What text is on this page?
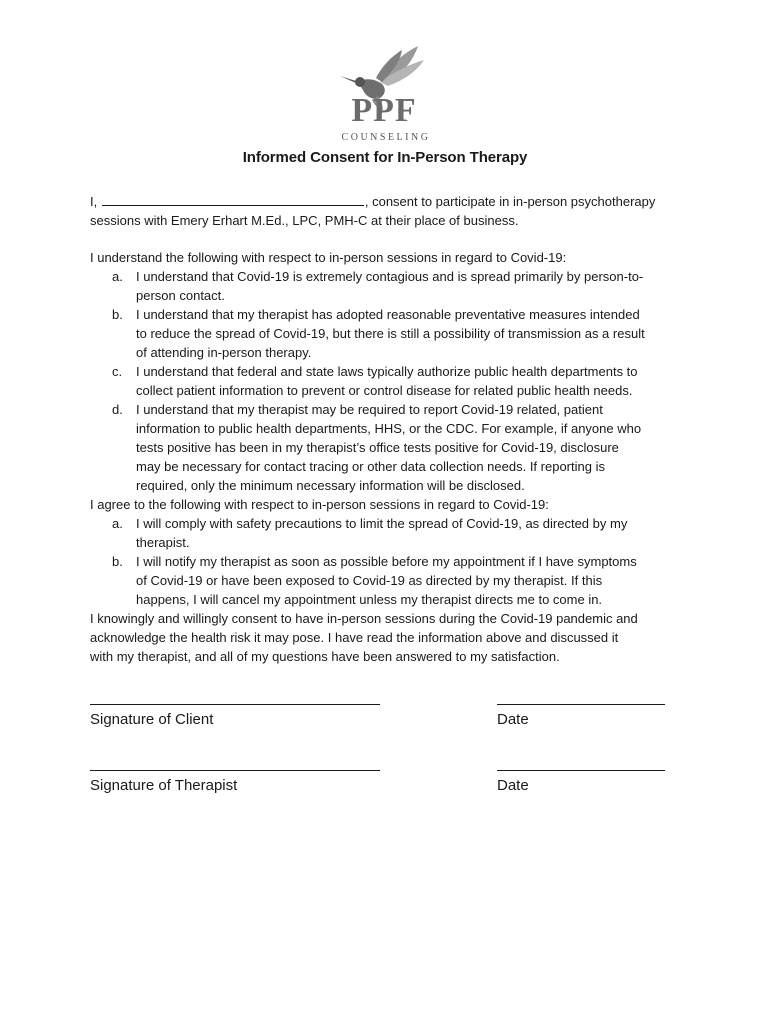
PPF
COUNSELING
Informed Consent for In-Person Therapy
I,	, consent to participate in in-person psychotherapy
sessions with Emery Erhart M.Ed., LPC, PMH-C at their place of business.
I understand the following with respect to in-person sessions in regard to Covid-19:
a. I understand that Covid-19 is extremely contagious and is spread primarily by person-to-
person contact.
b. I understand that my therapist has adopted reasonable preventative measures intended
to reduce the spread of Covid-19, but there is still a possibility of transmission as a result
of attending in-person therapy.
c. I understand that federal and state laws typically authorize public health departments to
collect patient information to prevent or control disease for related public health needs.
d. I understand that my therapist may be required to report Covid-19 related, patient
information to public health departments, HHS, or the CDC. For example, if anyone who
tests positive has been in my therapist’s office tests positive for Covid-19, disclosure
may be necessary for contact tracing or other data collection needs. If reporting is
required, only the minimum necessary information will be disclosed.
I agree to the following with respect to in-person sessions in regard to Covid-19:
a. I will comply with safety precautions to limit the spread of Covid-19, as directed by my
therapist.
b. I will notify my therapist as soon as possible before my appointment if I have symptoms
of Covid-19 or have been exposed to Covid-19 as directed by my therapist. If this
happens, I will cancel my appointment unless my therapist directs me to come in.
I knowingly and willingly consent to have in-person sessions during the Covid-19 pandemic and
acknowledge the health risk it may pose. I have read the information above and discussed it
with my therapist, and all of my questions have been answered to my satisfaction.
Signature of Client	Date
Signature of Therapist	Date
